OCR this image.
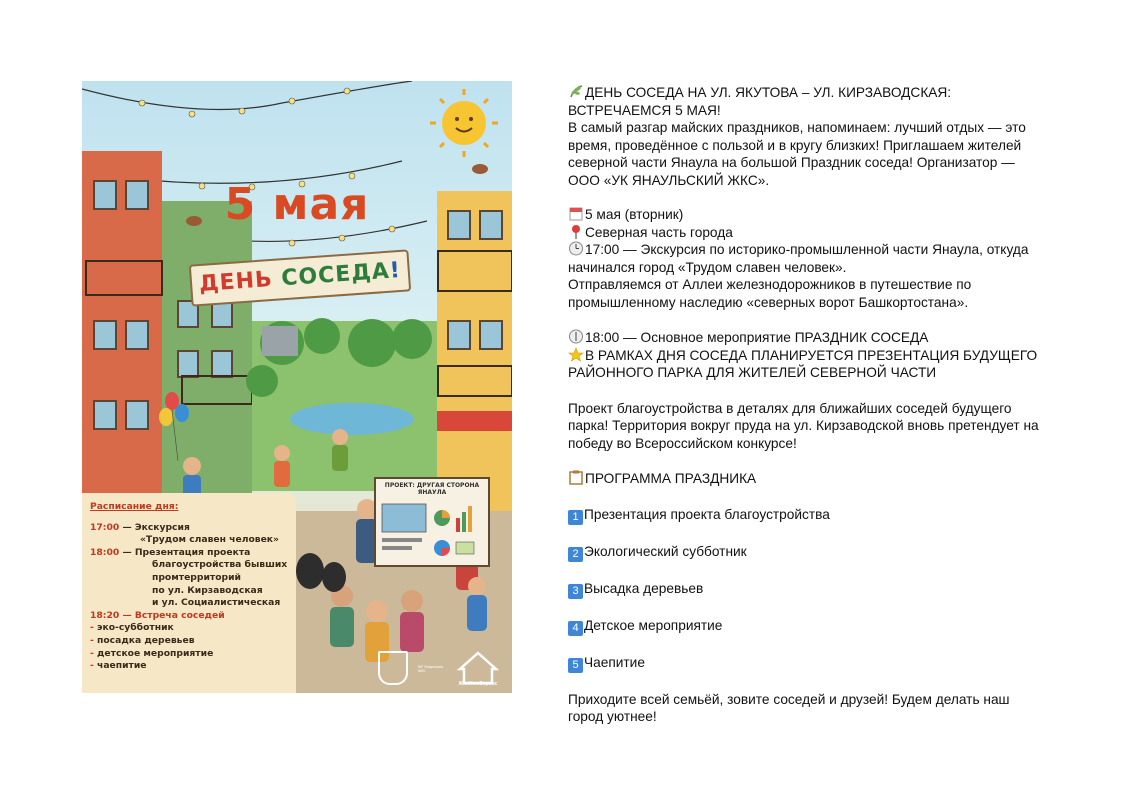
5 мая
ДЕНЬ СОСЕДА!
ПРОЕКТ: ДРУГАЯ СТОРОНА ЯНАУЛА
Расписание дня:
17:00 — Экскурсия
«Трудом славен человек»
18:00 — Презентация проекта
благоустройства бывших
промтерриторий
по ул. Кирзаводская
и ул. Социалистическая
18:20 — Встреча соседей
- эко-субботник
- посадка деревьев
- детское мероприятие
- чаепитие	МУ Янаульское ЖКС
ЖилКомСервис

ДЕНЬ СОСЕДА НА УЛ. ЯКУТОВА – УЛ. КИРЗАВОДСКАЯ: ВСТРЕЧАЕМСЯ 5 МАЯ!

В самый разгар майских праздников, напоминаем: лучший отдых — это время, проведённое с пользой и в кругу близких! Приглашаем жителей северной части Янаула на большой Праздник соседа! Организатор — ООО «УК ЯНАУЛЬСКИЙ ЖКС».

5 мая (вторник)

Северная часть города

17:00 — Экскурсия по историко-промышленной части Янаула, откуда начинался город «Трудом славен человек».

Отправляемся от Аллеи железнодорожников в путешествие по промышленному наследию «северных ворот Башкортостана».

18:00 — Основное мероприятие ПРАЗДНИК СОСЕДА

В РАМКАХ ДНЯ СОСЕДА ПЛАНИРУЕТСЯ ПРЕЗЕНТАЦИЯ БУДУЩЕГО РАЙОННОГО ПАРКА ДЛЯ ЖИТЕЛЕЙ СЕВЕРНОЙ ЧАСТИ

Проект благоустройства в деталях для ближайших соседей будущего парка! Территория вокруг пруда на ул. Кирзаводской вновь претендует на победу во Всероссийском конкурсе!

ПРОГРАММА ПРАЗДНИКА

1 Презентация проекта благоустройства

2 Экологический субботник

3 Высадка деревьев

4 Детское мероприятие

5 Чаепитие

Приходите всей семьёй, зовите соседей и друзей! Будем делать наш город уютнее!
